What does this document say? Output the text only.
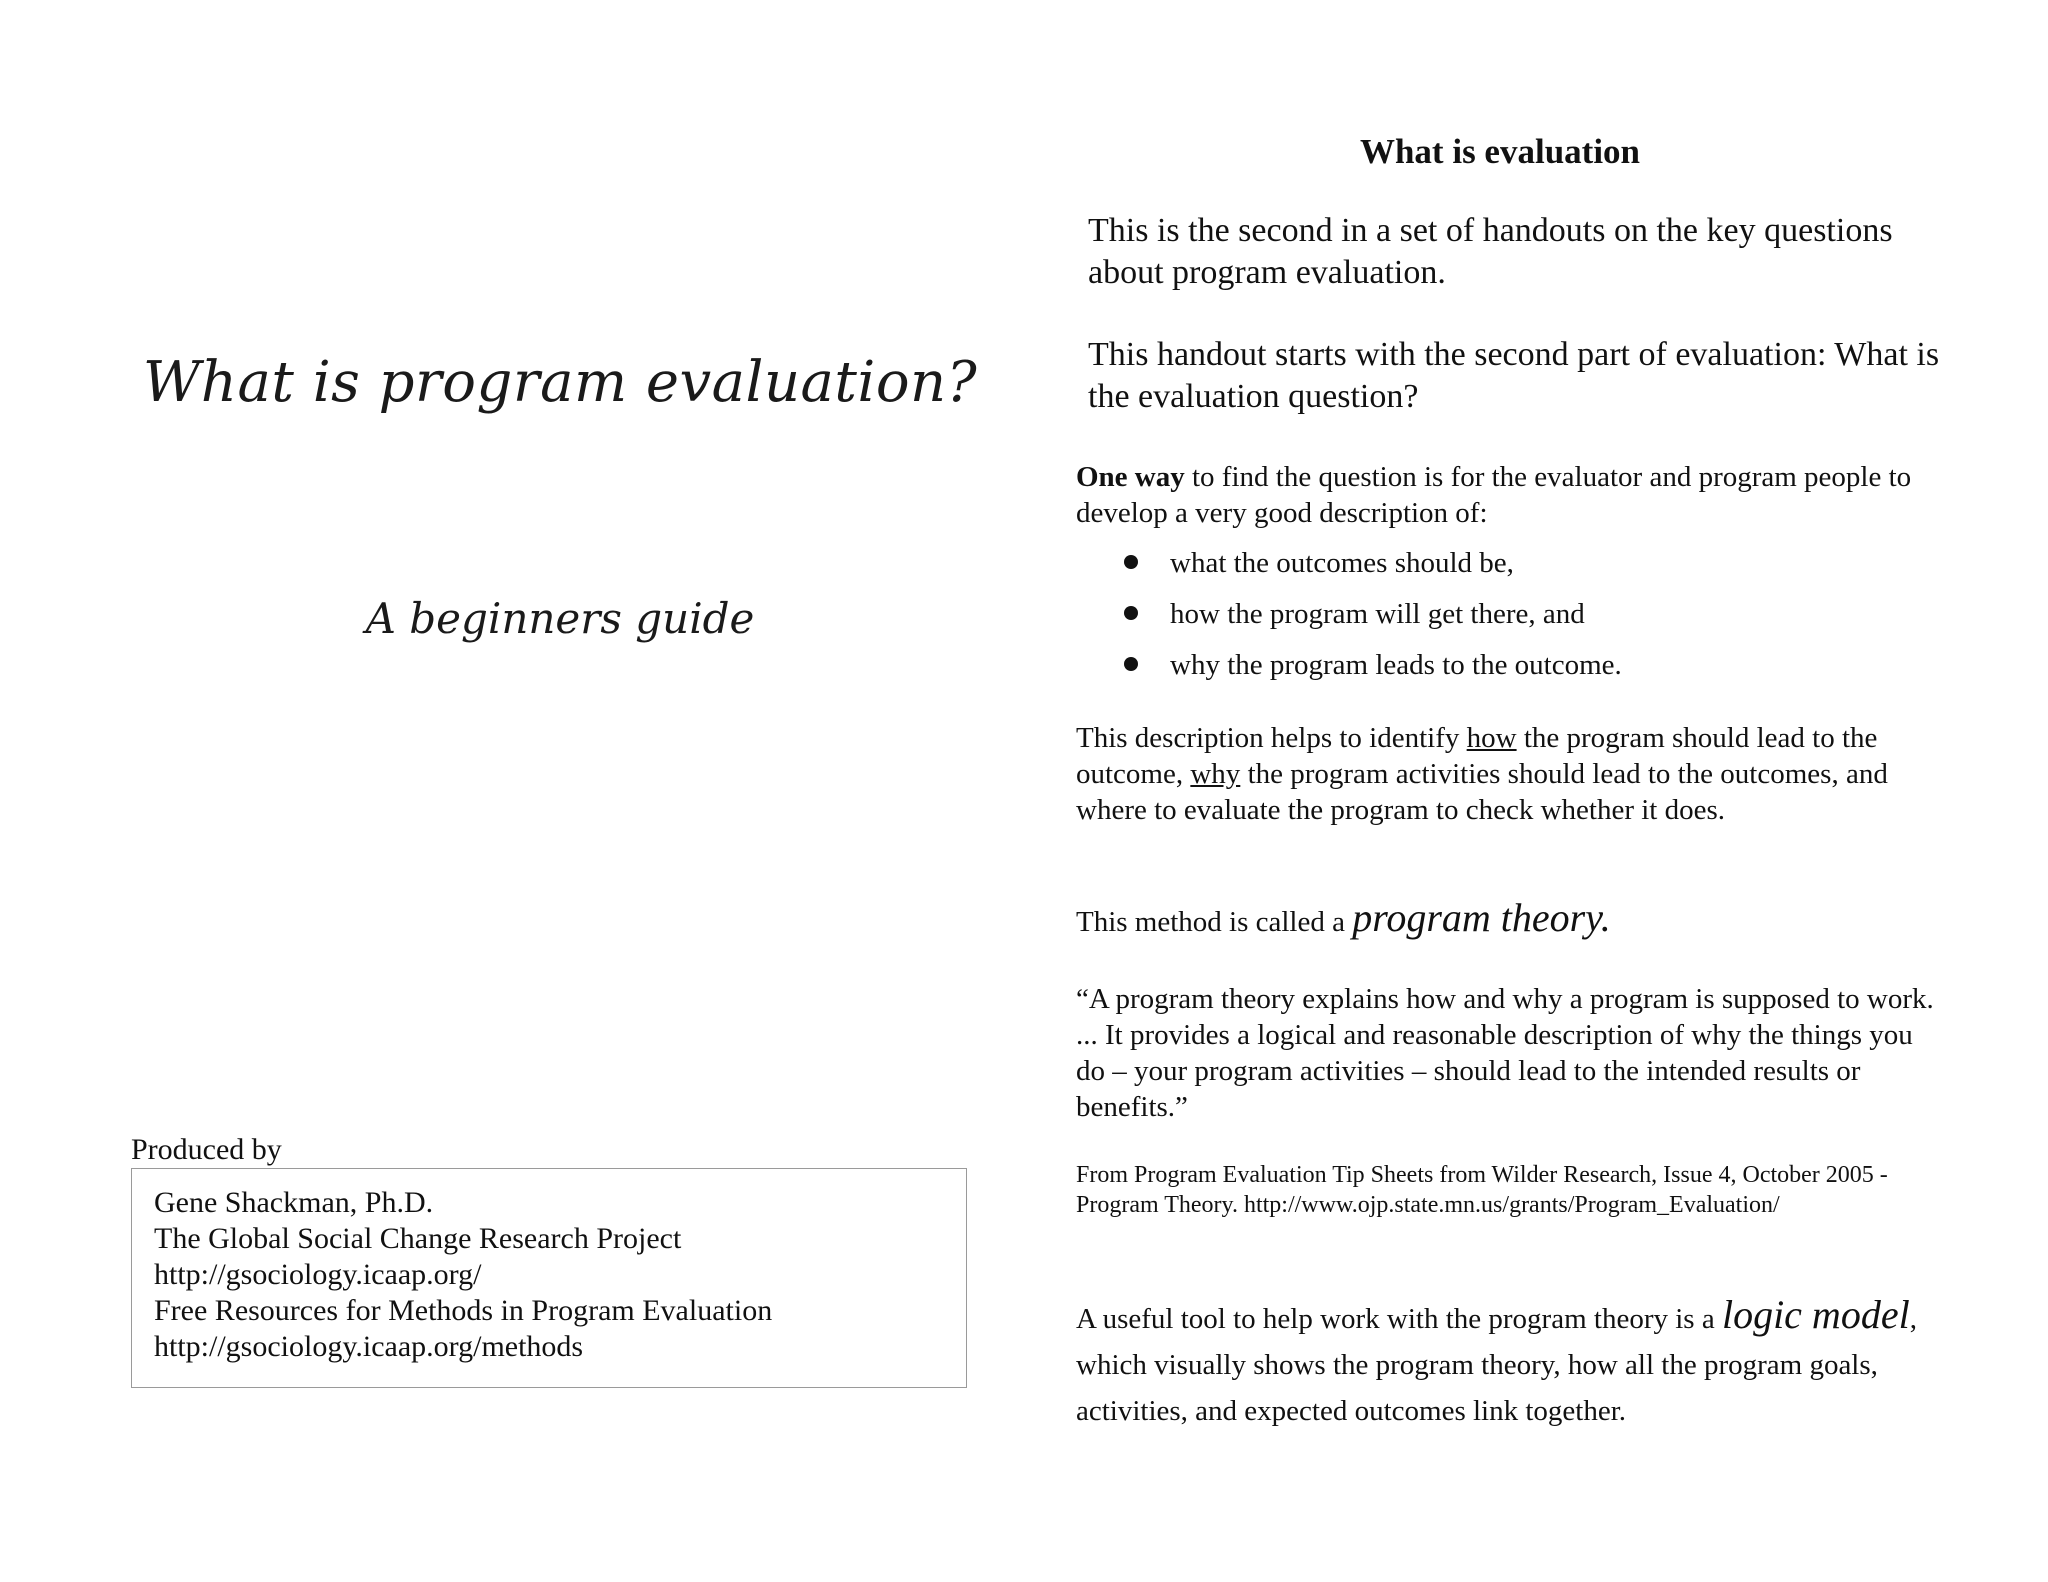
What is program evaluation?
A beginners guide
Produced by
Gene Shackman, Ph.D.
The Global Social Change Research Project
http://gsociology.icaap.org/
Free Resources for Methods in Program Evaluation
http://gsociology.icaap.org/methods
What is evaluation
This is the second in a set of handouts on the key questions about program evaluation.
This handout starts with the second part of evaluation: What is the evaluation question?
One way to find the question is for the evaluator and program people to develop a very good description of:
what the outcomes should be,
how the program will get there, and
why the program leads to the outcome.
This description helps to identify how the program should lead to the outcome, why the program activities should lead to the outcomes, and where to evaluate the program to check whether it does.
This method is called a program theory.
“A program theory explains how and why a program is supposed to work. ... It provides a logical and reasonable description of why the things you do – your program activities – should lead to the intended results or benefits.”
From Program Evaluation Tip Sheets from Wilder Research, Issue 4, October 2005 - Program Theory. http://www.ojp.state.mn.us/grants/Program_Evaluation/
A useful tool to help work with the program theory is a logic model, which visually shows the program theory, how all the program goals, activities, and expected outcomes link together.
